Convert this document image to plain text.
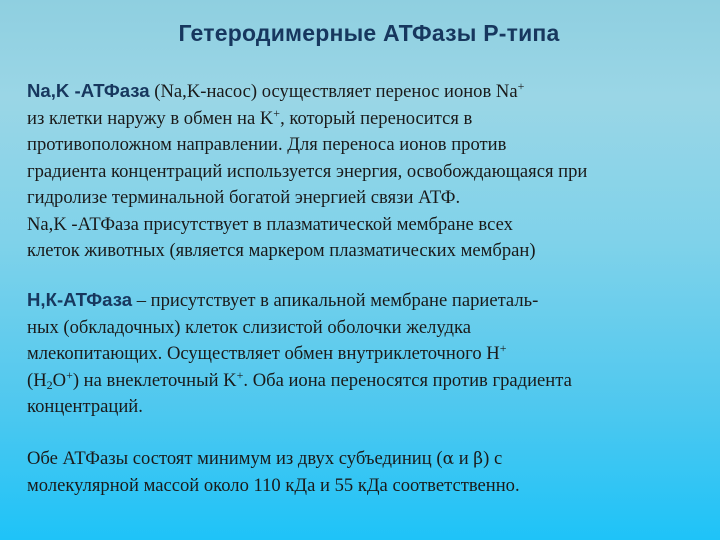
Гетеродимерные АТФазы Р-типа
Na,K -АТФаза (Na,K-насос) осуществляет перенос ионов Na+
из клетки наружу в обмен на K+, который переносится в
противоположном направлении. Для переноса ионов против
градиента концентраций используется энергия, освобождающаяся при
гидролизе терминальной богатой энергией связи АТФ.
Na,K -АТФаза присутствует в плазматической мембране всех
клеток животных (является маркером плазматических мембран)
H,К-АТФаза – присутствует в апикальной мембране париеталь-
ных (обкладочных) клеток слизистой оболочки желудка
млекопитающих. Осуществляет обмен внутриклеточного H+
$(H_2O^+)$ на внеклеточный K+. Оба иона переносятся против градиента
концентраций.
Обе АТФазы состоят минимум из двух субъединиц (α и β) с
молекулярной массой около 110 кДа и 55 кДа соответственно.
